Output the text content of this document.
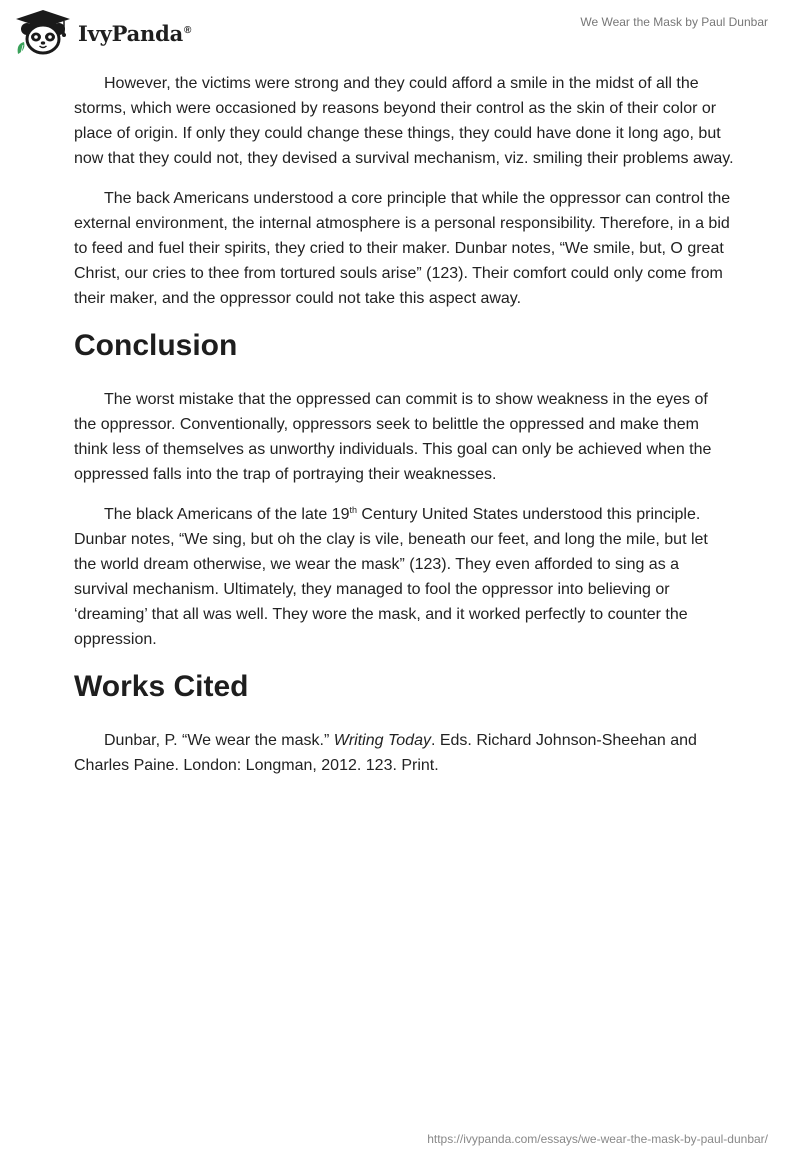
IvyPanda®
We Wear the Mask by Paul Dunbar

However, the victims were strong and they could afford a smile in the midst of all the storms, which were occasioned by reasons beyond their control as the skin of their color or place of origin. If only they could change these things, they could have done it long ago, but now that they could not, they devised a survival mechanism, viz. smiling their problems away.

The back Americans understood a core principle that while the oppressor can control the external environment, the internal atmosphere is a personal responsibility. Therefore, in a bid to feed and fuel their spirits, they cried to their maker. Dunbar notes, “We smile, but, O great Christ, our cries to thee from tortured souls arise” (123). Their comfort could only come from their maker, and the oppressor could not take this aspect away.

Conclusion

The worst mistake that the oppressed can commit is to show weakness in the eyes of the oppressor. Conventionally, oppressors seek to belittle the oppressed and make them think less of themselves as unworthy individuals. This goal can only be achieved when the oppressed falls into the trap of portraying their weaknesses.

The black Americans of the late 19th Century United States understood this principle. Dunbar notes, “We sing, but oh the clay is vile, beneath our feet, and long the mile, but let the world dream otherwise, we wear the mask” (123). They even afforded to sing as a survival mechanism. Ultimately, they managed to fool the oppressor into believing or ‘dreaming’ that all was well. They wore the mask, and it worked perfectly to counter the oppression.

Works Cited

Dunbar, P. “We wear the mask.” Writing Today. Eds. Richard Johnson-Sheehan and Charles Paine. London: Longman, 2012. 123. Print.

https://ivypanda.com/essays/we-wear-the-mask-by-paul-dunbar/
